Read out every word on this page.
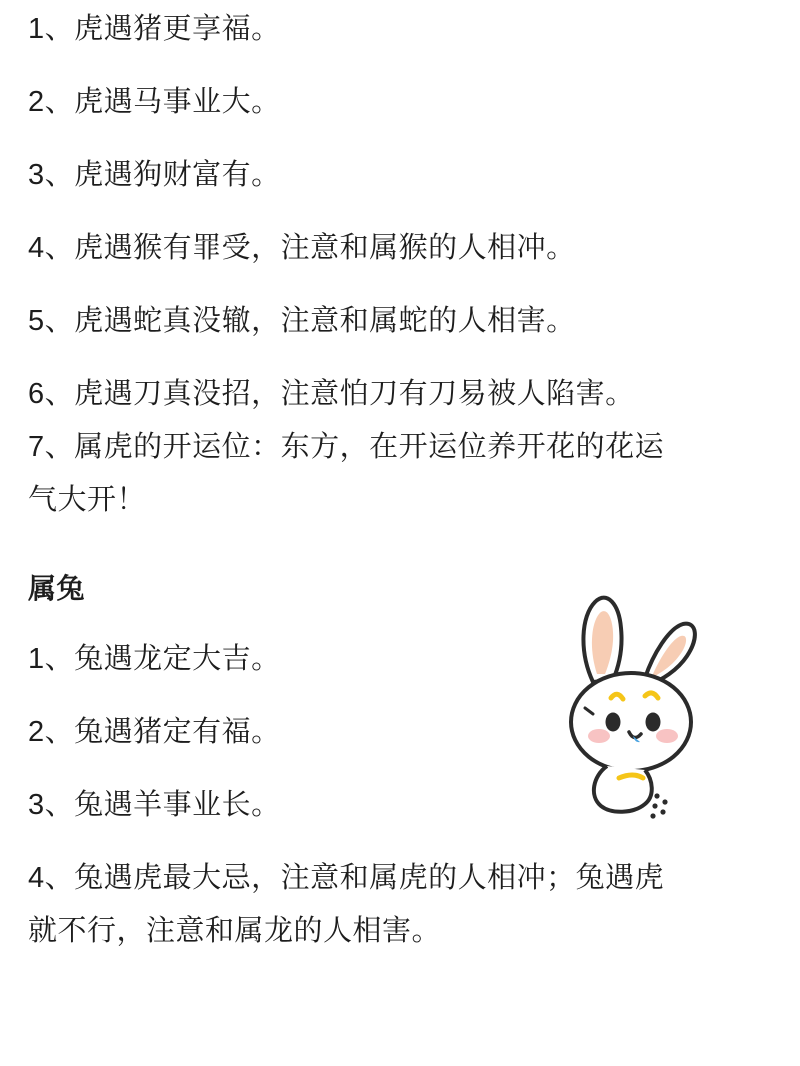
1、虎遇猪更享福。

2、虎遇马事业大。

3、虎遇狗财富有。

4、虎遇猴有罪受，注意和属猴的人相冲。

5、虎遇蛇真没辙，注意和属蛇的人相害。

6、虎遇刀真没招，注意怕刀有刀易被人陷害。

7、属虎的开运位：东方，在开运位养开花的花运

气大开！

属兔

1、兔遇龙定大吉。

2、兔遇猪定有福。

3、兔遇羊事业长。

4、兔遇虎最大忌，注意和属虎的人相冲；兔遇虎

就不行，注意和属龙的人相害。
